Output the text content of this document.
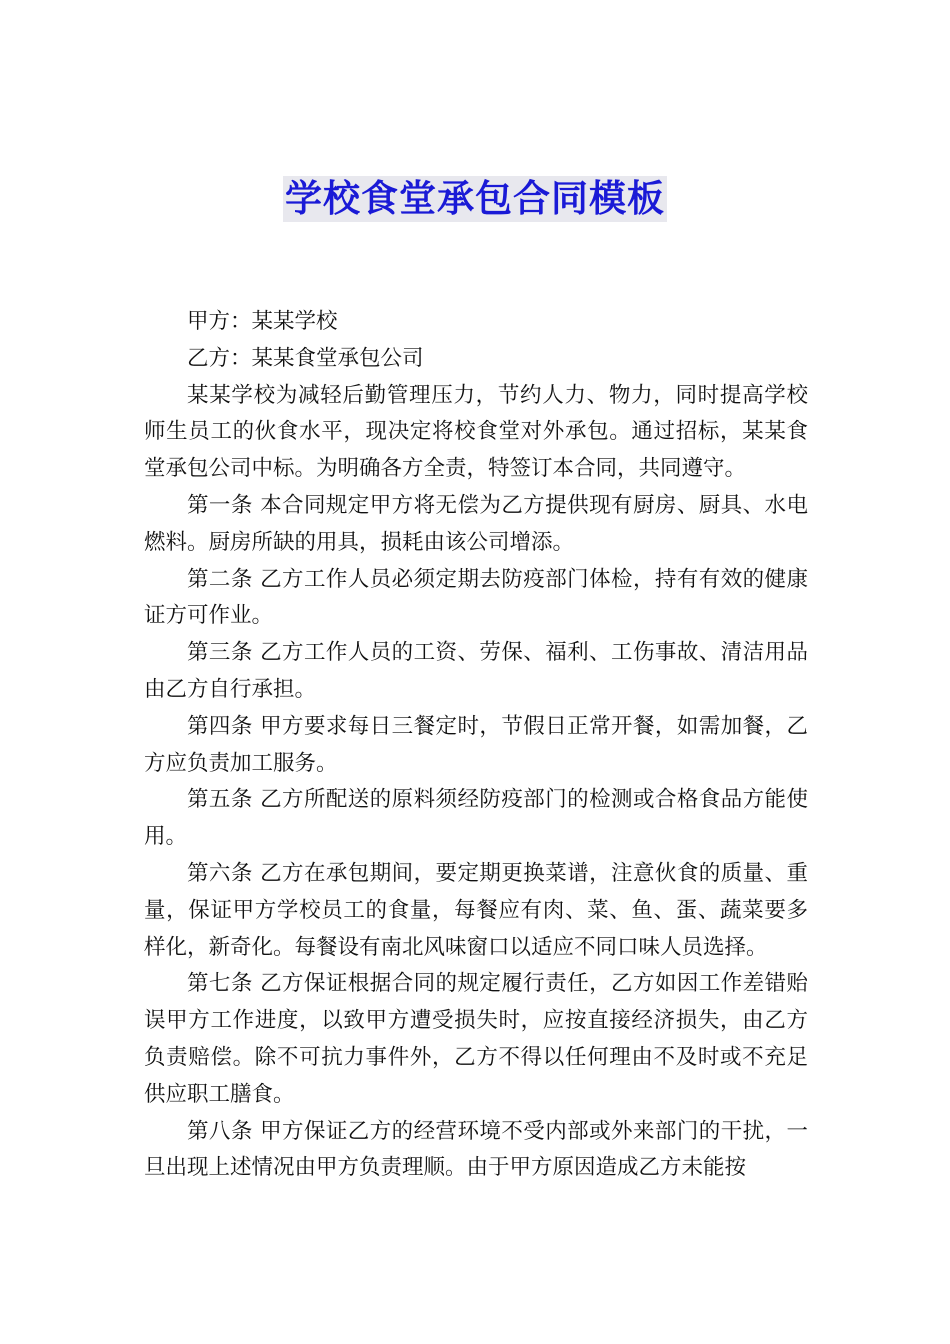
学校食堂承包合同模板

甲方：某某学校

乙方：某某食堂承包公司

某某学校为减轻后勤管理压力，节约人力、物力，同时提高学校师生员工的伙食水平，现决定将校食堂对外承包。通过招标，某某食堂承包公司中标。为明确各方全责，特签订本合同，共同遵守。

第一条 本合同规定甲方将无偿为乙方提供现有厨房、厨具、水电燃料。厨房所缺的用具，损耗由该公司增添。

第二条 乙方工作人员必须定期去防疫部门体检，持有有效的健康证方可作业。

第三条 乙方工作人员的工资、劳保、福利、工伤事故、清洁用品由乙方自行承担。

第四条 甲方要求每日三餐定时，节假日正常开餐，如需加餐，乙方应负责加工服务。

第五条 乙方所配送的原料须经防疫部门的检测或合格食品方能使用。

第六条 乙方在承包期间，要定期更换菜谱，注意伙食的质量、重量，保证甲方学校员工的食量，每餐应有肉、菜、鱼、蛋、蔬菜要多样化，新奇化。每餐设有南北风味窗口以适应不同口味人员选择。

第七条 乙方保证根据合同的规定履行责任，乙方如因工作差错贻误甲方工作进度，以致甲方遭受损失时，应按直接经济损失，由乙方负责赔偿。除不可抗力事件外，乙方不得以任何理由不及时或不充足供应职工膳食。

第八条 甲方保证乙方的经营环境不受内部或外来部门的干扰，一旦出现上述情况由甲方负责理顺。由于甲方原因造成乙方未能按
